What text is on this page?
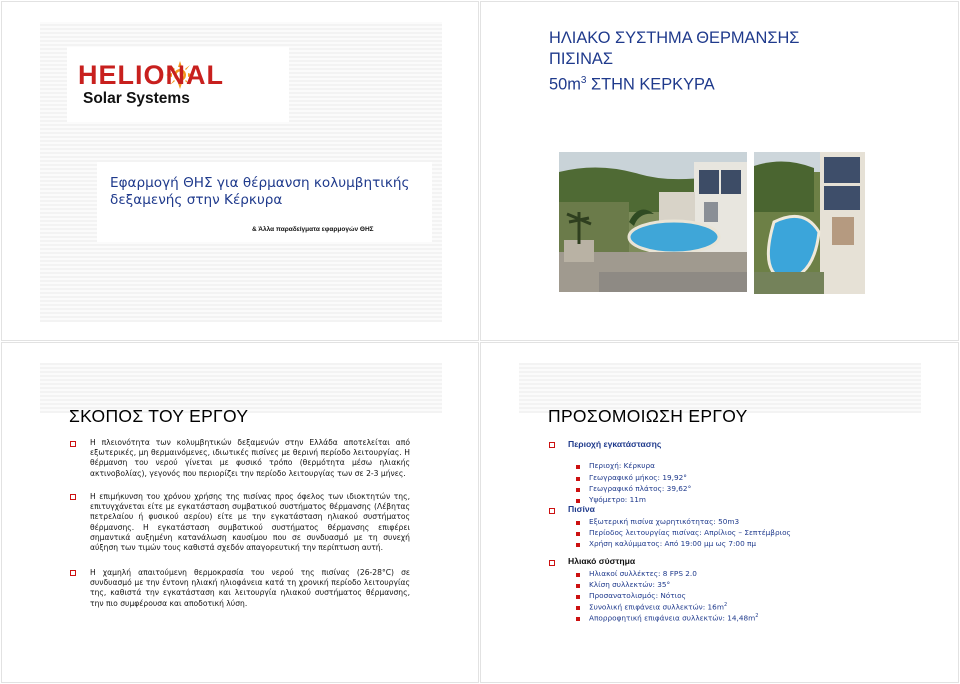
HELIONAL
Solar Systems
Εφαρμογή ΘΗΣ για θέρμανση κολυμβητικής
δεξαμενής στην Κέρκυρα
& Άλλα παραδείγματα εφαρμογών ΘΗΣ
ΗΛΙΑΚΟ ΣΥΣΤΗΜΑ ΘΕΡΜΑΝΣΗΣ
ΠΙΣΙΝΑΣ
$50m^3$ ΣΤΗΝ ΚΕΡΚΥΡΑ
ΣΚΟΠΟΣ ΤΟΥ ΕΡΓΟΥ
Η πλειονότητα των κολυμβητικών δεξαμενών στην Ελλάδα αποτελείται από εξωτερικές, μη θερμαινόμενες, ιδιωτικές πισίνες με θερινή περίοδο λειτουργίας. Η θέρμανση του νερού γίνεται με φυσικό τρόπο (θερμότητα μέσω ηλιακής ακτινοβολίας), γεγονός που περιορίζει την περίοδο λειτουργίας των σε 2-3 μήνες.
Η επιμήκυνση του χρόνου χρήσης της πισίνας προς όφελος των ιδιοκτητών της, επιτυγχάνεται είτε με εγκατάσταση συμβατικού συστήματος θέρμανσης (Λέβητας πετρελαίου ή φυσικού αερίου) είτε με την εγκατάσταση ηλιακού συστήματος θέρμανσης. Η εγκατάσταση συμβατικού συστήματος θέρμανσης επιφέρει σημαντικά αυξημένη κατανάλωση καυσίμου που σε συνδυασμό με τη συνεχή αύξηση των τιμών τους καθιστά σχεδόν απαγορευτική την περίπτωση αυτή.
Η χαμηλή απαιτούμενη θερμοκρασία του νερού της πισίνας (26-28°C) σε συνδυασμό με την έντονη ηλιακή ηλιοφάνεια κατά τη χρονική περίοδο λειτουργίας της, καθιστά την εγκατάσταση και λειτουργία ηλιακού συστήματος θέρμανσης, την πιο συμφέρουσα και αποδοτική λύση.
ΠΡΟΣΟΜΟΙΩΣΗ ΕΡΓΟΥ
Περιοχή εγκατάστασης
Περιοχή: Κέρκυρα
Γεωγραφικό μήκος: 19,92°
Γεωγραφικό πλάτος: 39,62°
Υψόμετρο: 11m
Πισίνα
Εξωτερική πισίνα χωρητικότητας: 50m3
Περίοδος λειτουργίας πισίνας: Απρίλιος – Σεπτέμβριος
Χρήση καλύμματος: Από 19:00 μμ ως 7:00 πμ
Ηλιακό σύστημα
Ηλιακοί συλλέκτες: 8 FPS 2.0
Κλίση συλλεκτών: 35°
Προσανατολισμός: Νότιος
Συνολική επιφάνεια συλλεκτών: $16m^2$
Απορροφητική επιφάνεια συλλεκτών: $14,48m^2$
